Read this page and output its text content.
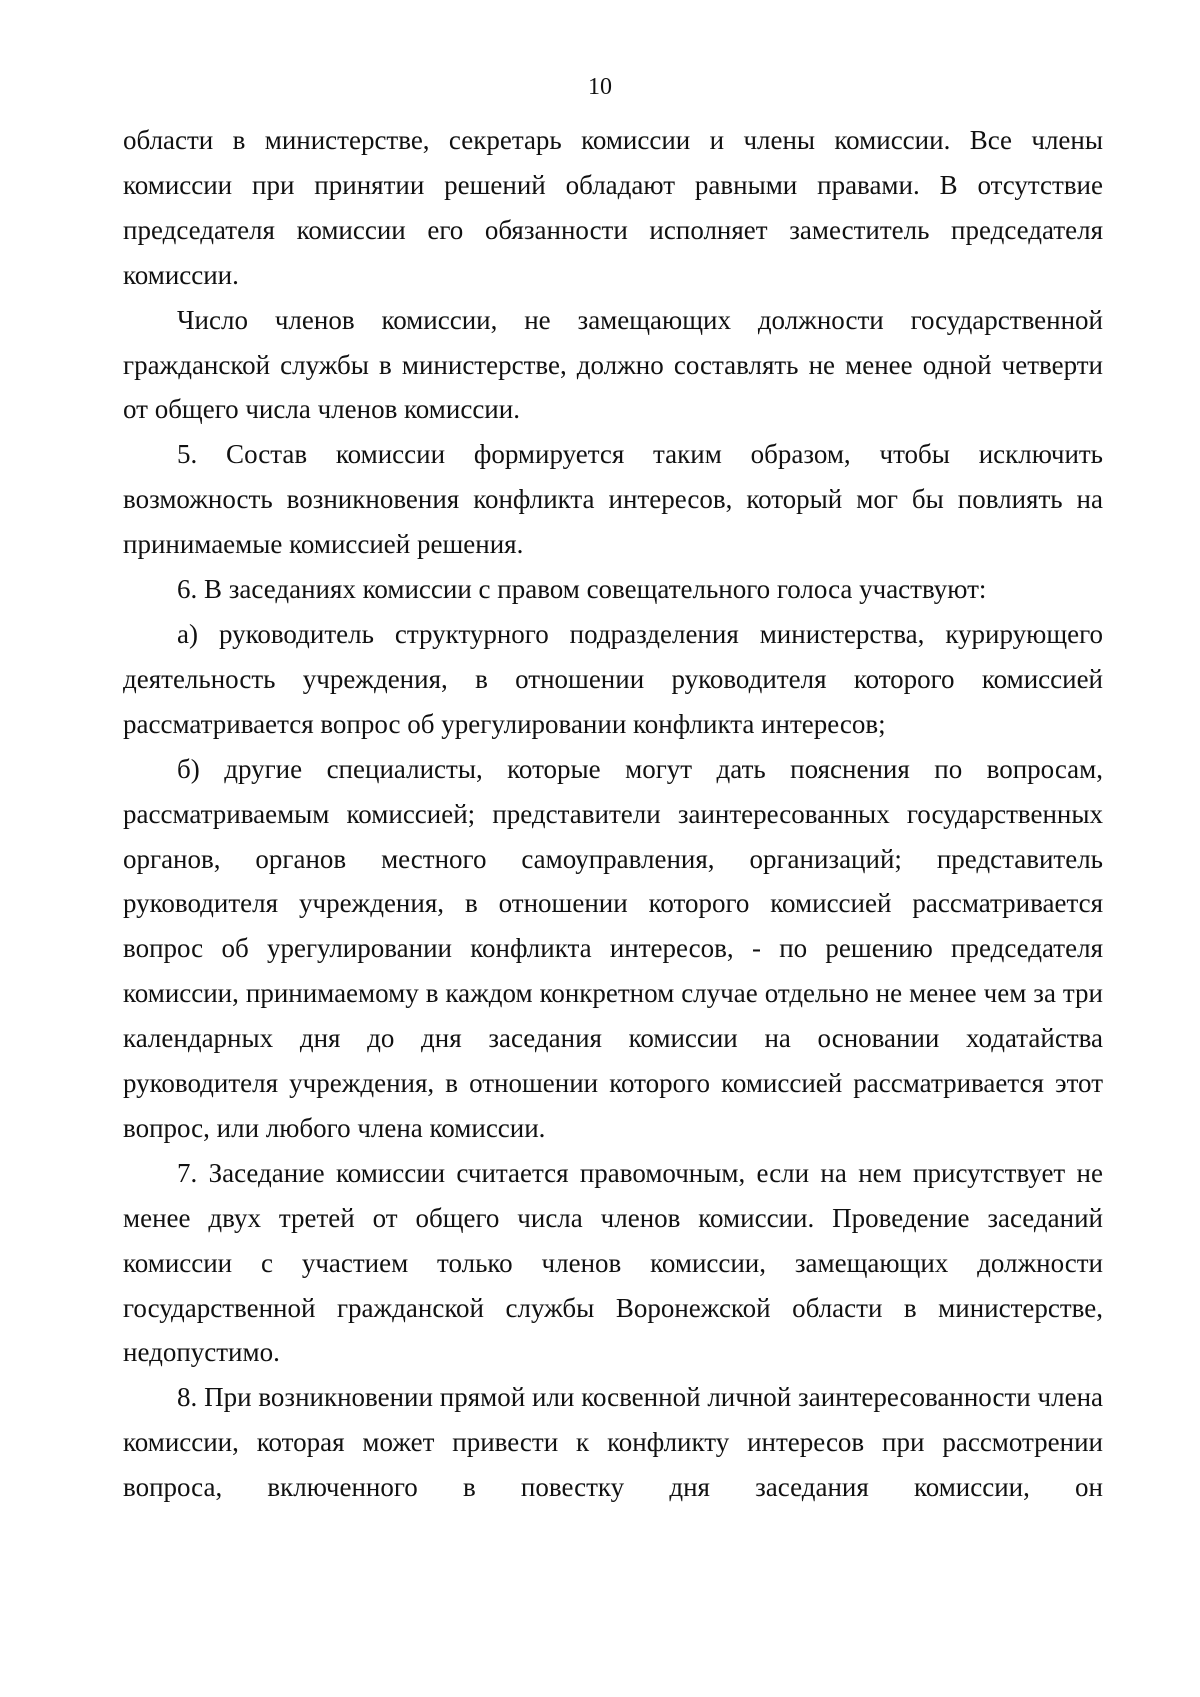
10

области в министерстве, секретарь комиссии и члены комиссии. Все члены комиссии при принятии решений обладают равными правами. В отсутствие председателя комиссии его обязанности исполняет заместитель председателя комиссии.

Число членов комиссии, не замещающих должности государственной гражданской службы в министерстве, должно составлять не менее одной четверти от общего числа членов комиссии.

5. Состав комиссии формируется таким образом, чтобы исключить возможность возникновения конфликта интересов, который мог бы повлиять на принимаемые комиссией решения.

6. В заседаниях комиссии с правом совещательного голоса участвуют:

а) руководитель структурного подразделения министерства, курирующего деятельность учреждения, в отношении руководителя которого комиссией рассматривается вопрос об урегулировании конфликта интересов;

б) другие специалисты, которые могут дать пояснения по вопросам, рассматриваемым комиссией; представители заинтересованных государственных органов, органов местного самоуправления, организаций; представитель руководителя учреждения, в отношении которого комиссией рассматривается вопрос об урегулировании конфликта интересов, - по решению председателя комиссии, принимаемому в каждом конкретном случае отдельно не менее чем за три календарных дня до дня заседания комиссии на основании ходатайства руководителя учреждения, в отношении которого комиссией рассматривается этот вопрос, или любого члена комиссии.

7. Заседание комиссии считается правомочным, если на нем присутствует не менее двух третей от общего числа членов комиссии. Проведение заседаний комиссии с участием только членов комиссии, замещающих должности государственной гражданской службы Воронежской области в министерстве, недопустимо.

8. При возникновении прямой или косвенной личной заинтересованности члена комиссии, которая может привести к конфликту интересов при рассмотрении вопроса, включенного в повестку дня заседания комиссии, он
